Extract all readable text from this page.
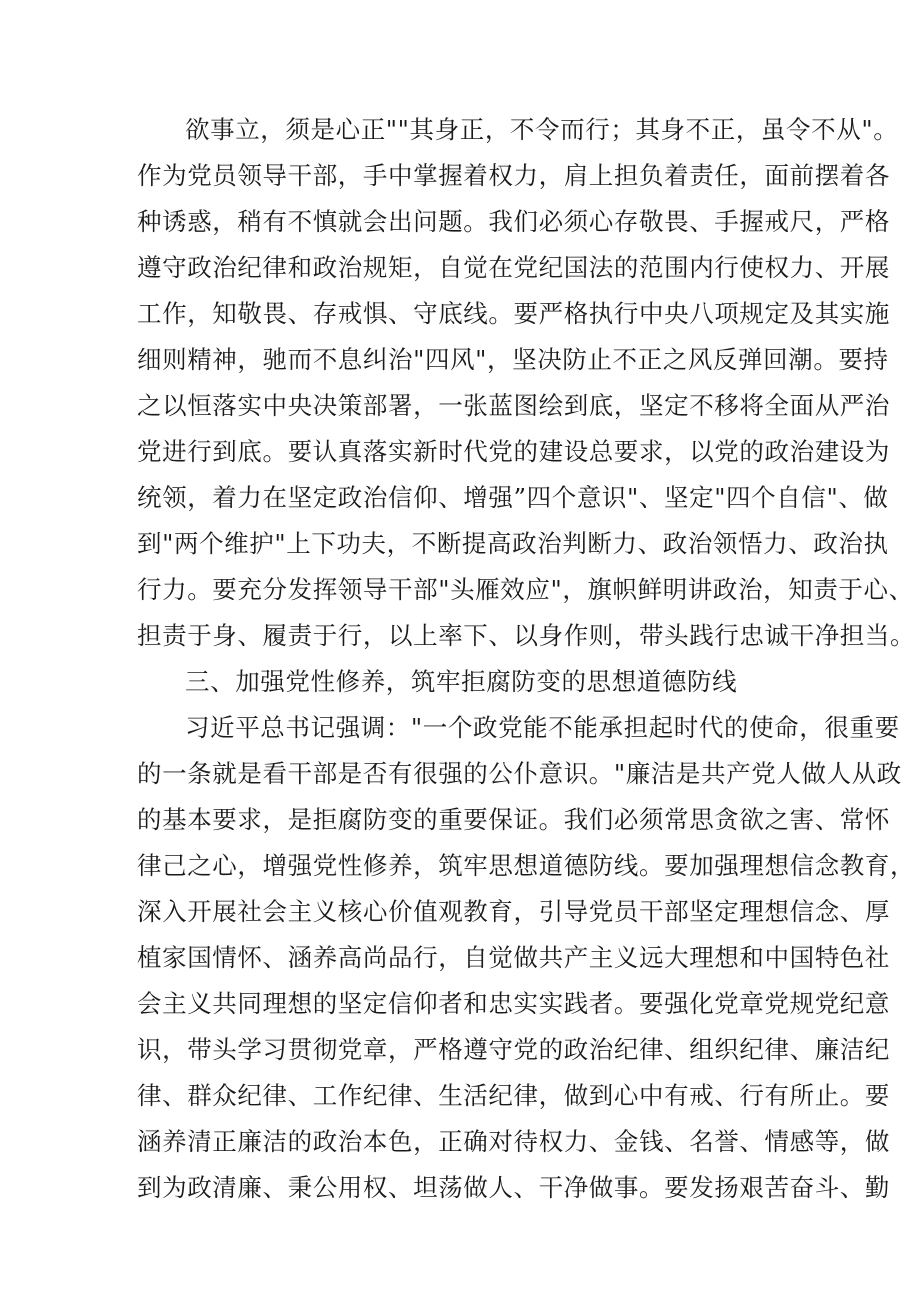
欲事立，须是心正""其身正，不令而行；其身不正，虽令不从"。
作为党员领导干部，手中掌握着权力，肩上担负着责任，面前摆着各
种诱惑，稍有不慎就会出问题。我们必须心存敬畏、手握戒尺，严格
遵守政治纪律和政治规矩，自觉在党纪国法的范围内行使权力、开展
工作，知敬畏、存戒惧、守底线。要严格执行中央八项规定及其实施
细则精神，驰而不息纠治"四风"，坚决防止不正之风反弹回潮。要持
之以恒落实中央决策部署，一张蓝图绘到底，坚定不移将全面从严治
党进行到底。要认真落实新时代党的建设总要求，以党的政治建设为
统领，着力在坚定政治信仰、增强”四个意识"、坚定"四个自信"、做
到"两个维护"上下功夫，不断提高政治判断力、政治领悟力、政治执
行力。要充分发挥领导干部"头雁效应"，旗帜鲜明讲政治，知责于心、
担责于身、履责于行，以上率下、以身作则，带头践行忠诚干净担当。
三、加强党性修养，筑牢拒腐防变的思想道德防线
习近平总书记强调："一个政党能不能承担起时代的使命，很重要
的一条就是看干部是否有很强的公仆意识。"廉洁是共产党人做人从政
的基本要求，是拒腐防变的重要保证。我们必须常思贪欲之害、常怀
律己之心，增强党性修养，筑牢思想道德防线。要加强理想信念教育，
深入开展社会主义核心价值观教育，引导党员干部坚定理想信念、厚
植家国情怀、涵养高尚品行，自觉做共产主义远大理想和中国特色社
会主义共同理想的坚定信仰者和忠实实践者。要强化党章党规党纪意
识，带头学习贯彻党章，严格遵守党的政治纪律、组织纪律、廉洁纪
律、群众纪律、工作纪律、生活纪律，做到心中有戒、行有所止。要
涵养清正廉洁的政治本色，正确对待权力、金钱、名誉、情感等，做
到为政清廉、秉公用权、坦荡做人、干净做事。要发扬艰苦奋斗、勤
